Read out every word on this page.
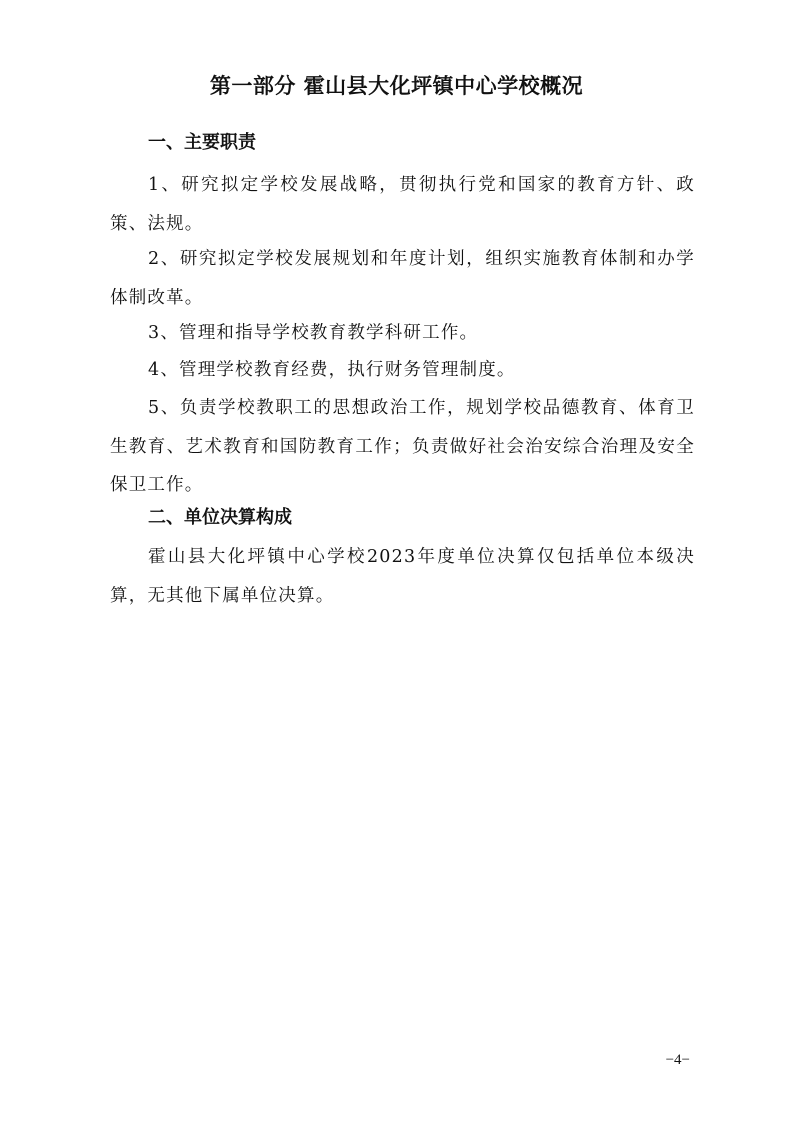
第一部分 霍山县大化坪镇中心学校概况
一、主要职责

1、研究拟定学校发展战略，贯彻执行党和国家的教育方针、政策、法规。

2、研究拟定学校发展规划和年度计划，组织实施教育体制和办学体制改革。

3、管理和指导学校教育教学科研工作。

4、管理学校教育经费，执行财务管理制度。

5、负责学校教职工的思想政治工作，规划学校品德教育、体育卫生教育、艺术教育和国防教育工作；负责做好社会治安综合治理及安全保卫工作。

二、单位决算构成

霍山县大化坪镇中心学校2023年度单位决算仅包括单位本级决算，无其他下属单位决算。

−4−
